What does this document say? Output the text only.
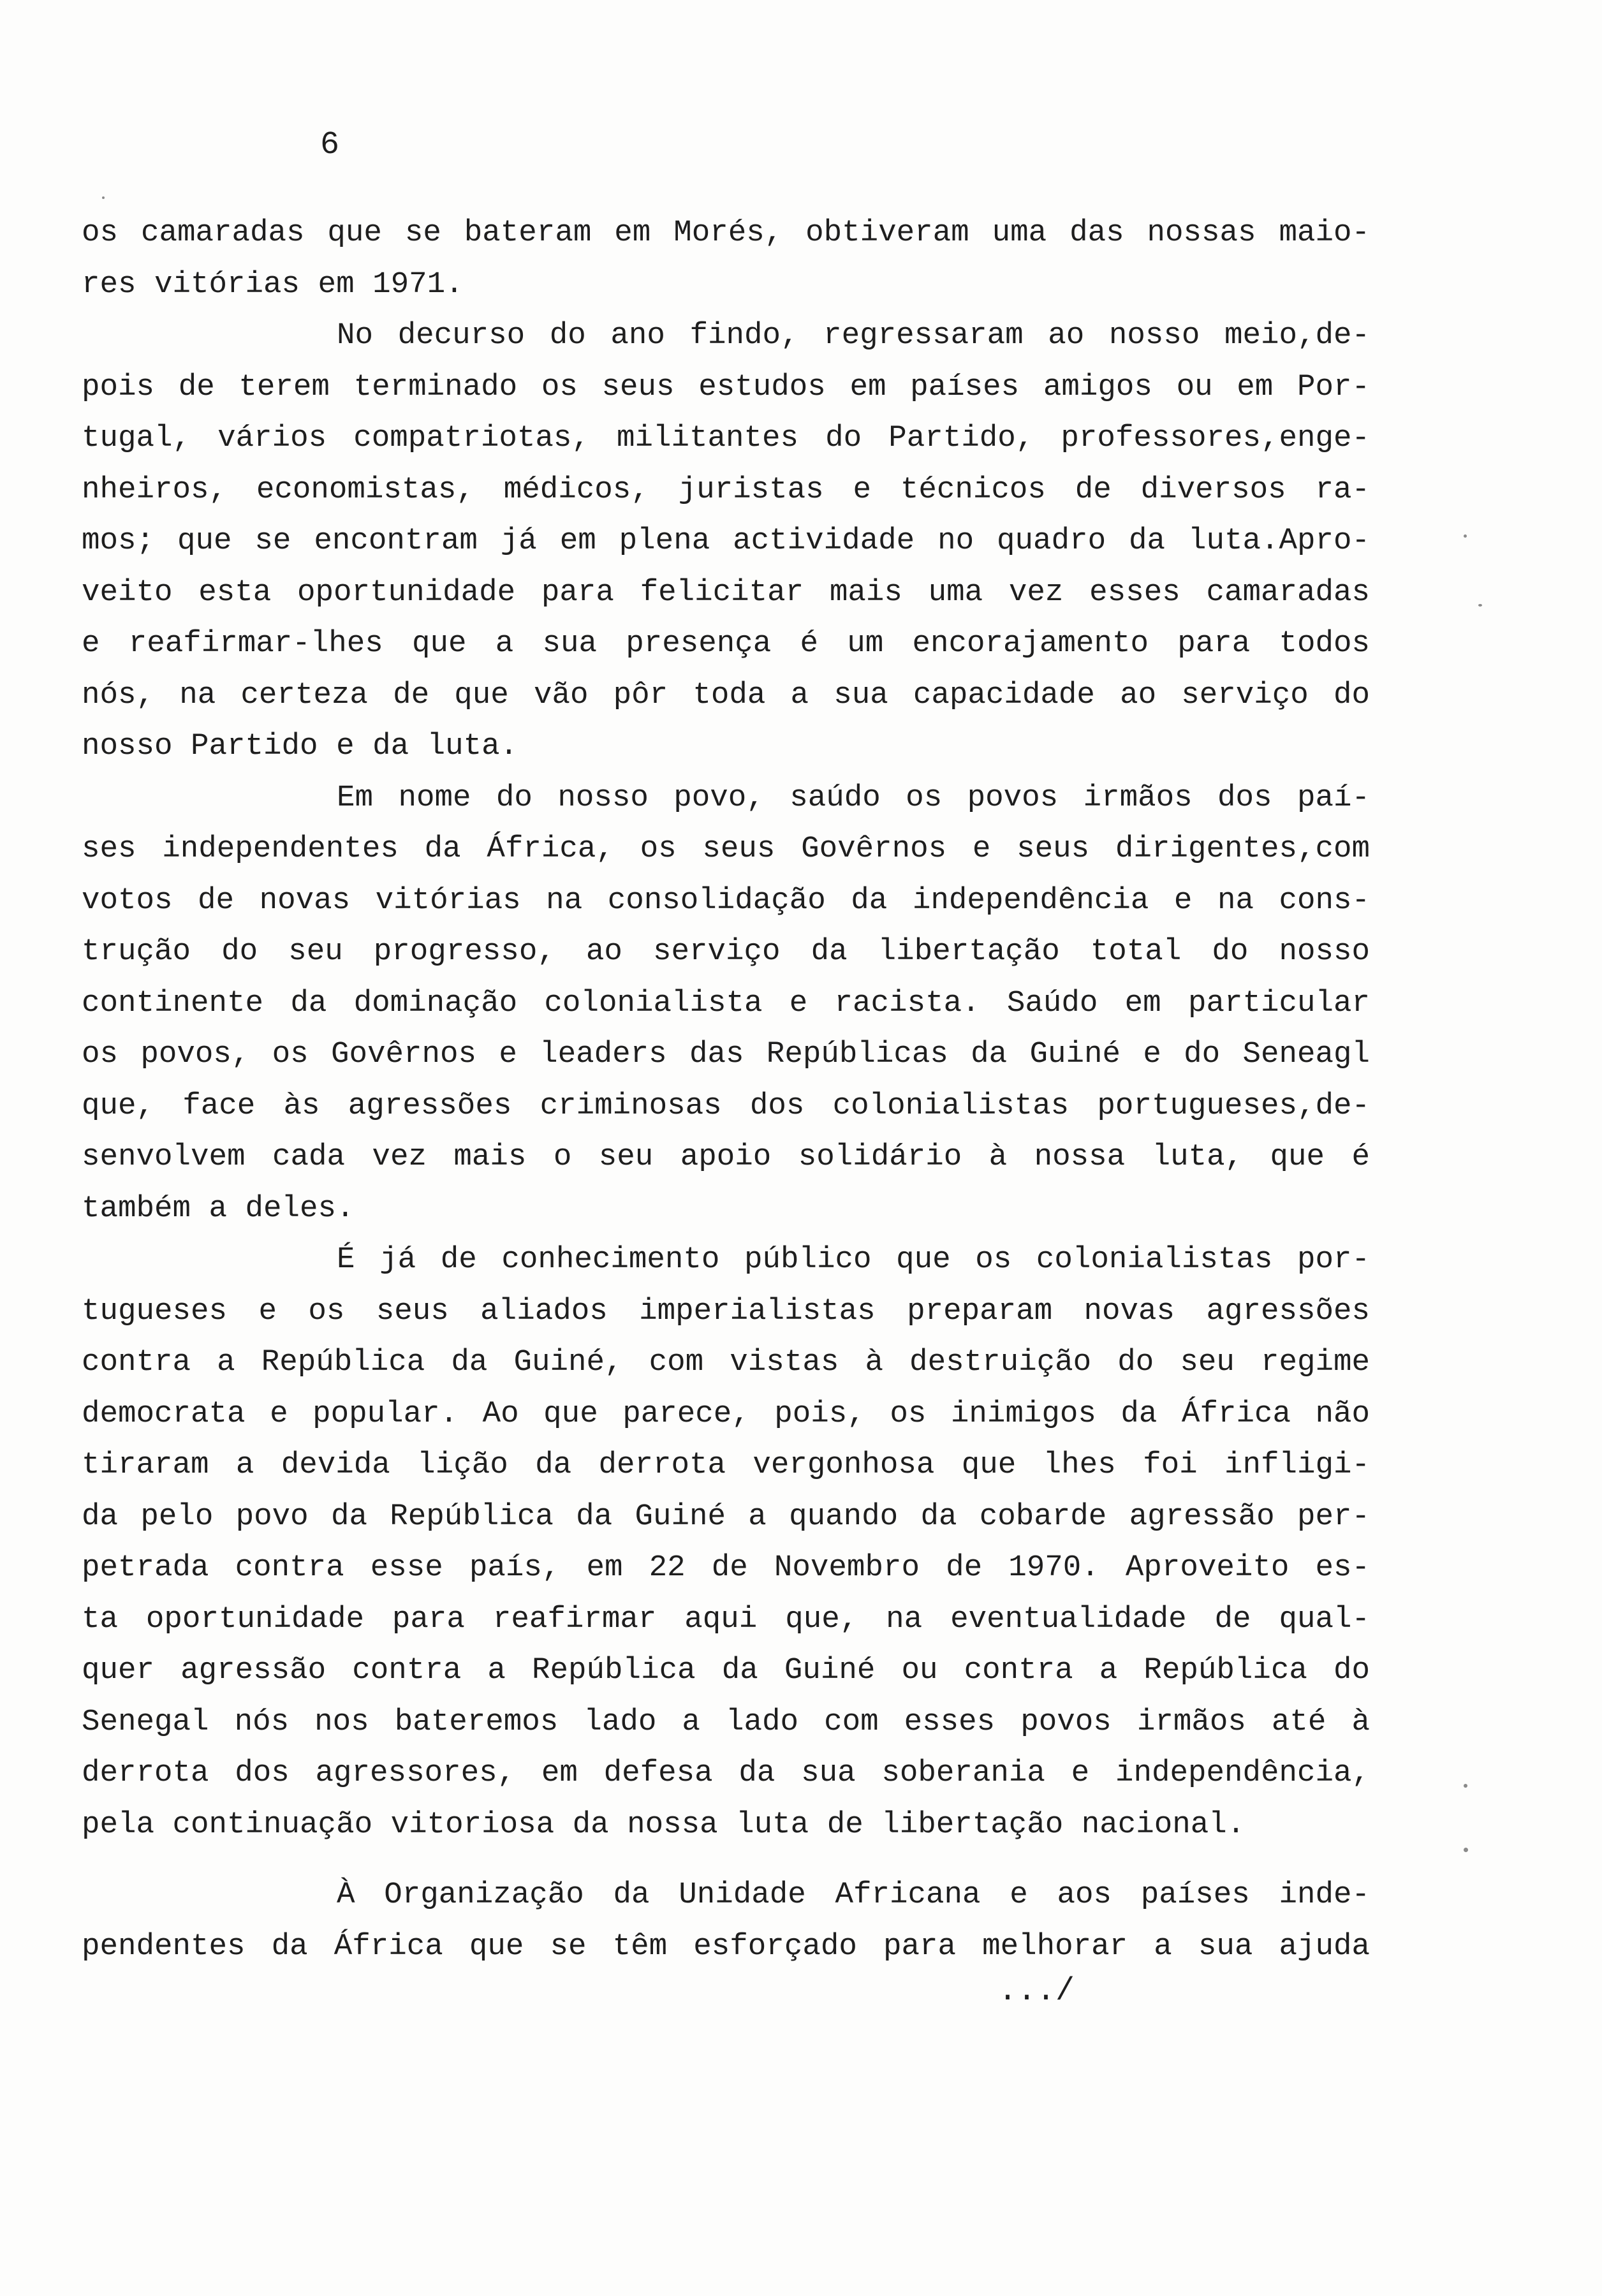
6
os camaradas que se bateram em Morés, obtiveram uma das nossas maio-
res vitórias em 1971.
No decurso do ano findo, regressaram ao nosso meio,de-
pois de terem terminado os seus estudos em países amigos ou em Por-
tugal, vários compatriotas, militantes do Partido, professores,enge-
nheiros, economistas, médicos, juristas e técnicos de diversos ra-
mos; que se encontram já em plena actividade no quadro da luta.Apro-
veito esta oportunidade para felicitar mais uma vez esses camaradas
e reafirmar-lhes que a sua presença é um encorajamento para todos
nós, na certeza de que vão pôr toda a sua capacidade ao serviço do
nosso Partido e da luta.
Em nome do nosso povo, saúdo os povos irmãos dos paí-
ses independentes da África, os seus Govêrnos e seus dirigentes,com
votos de novas vitórias na consolidação da independência e na cons-
trução do seu progresso, ao serviço da libertação total do nosso
continente da dominação colonialista e racista. Saúdo em particular
os povos, os Govêrnos e leaders das Repúblicas da Guiné e do Seneagl
que, face às agressões criminosas dos colonialistas portugueses,de-
senvolvem cada vez mais o seu apoio solidário à nossa luta, que é
também a deles.
É já de conhecimento público que os colonialistas por-
tugueses e os seus aliados imperialistas preparam novas agressões
contra a República da Guiné, com vistas à destruição do seu regime
democrata e popular. Ao que parece, pois, os inimigos da África não
tiraram a devida lição da derrota vergonhosa que lhes foi infligi-
da pelo povo da República da Guiné a quando da cobarde agressão per-
petrada contra esse país, em 22 de Novembro de 1970. Aproveito es-
ta oportunidade para reafirmar aqui que, na eventualidade de qual-
quer agressão contra a República da Guiné ou contra a República do
Senegal nós nos bateremos lado a lado com esses povos irmãos até à
derrota dos agressores, em defesa da sua soberania e independência,
pela continuação vitoriosa da nossa luta de libertação nacional.
À Organização da Unidade Africana e aos países inde-
pendentes da África que se têm esforçado para melhorar a sua ajuda
.../
